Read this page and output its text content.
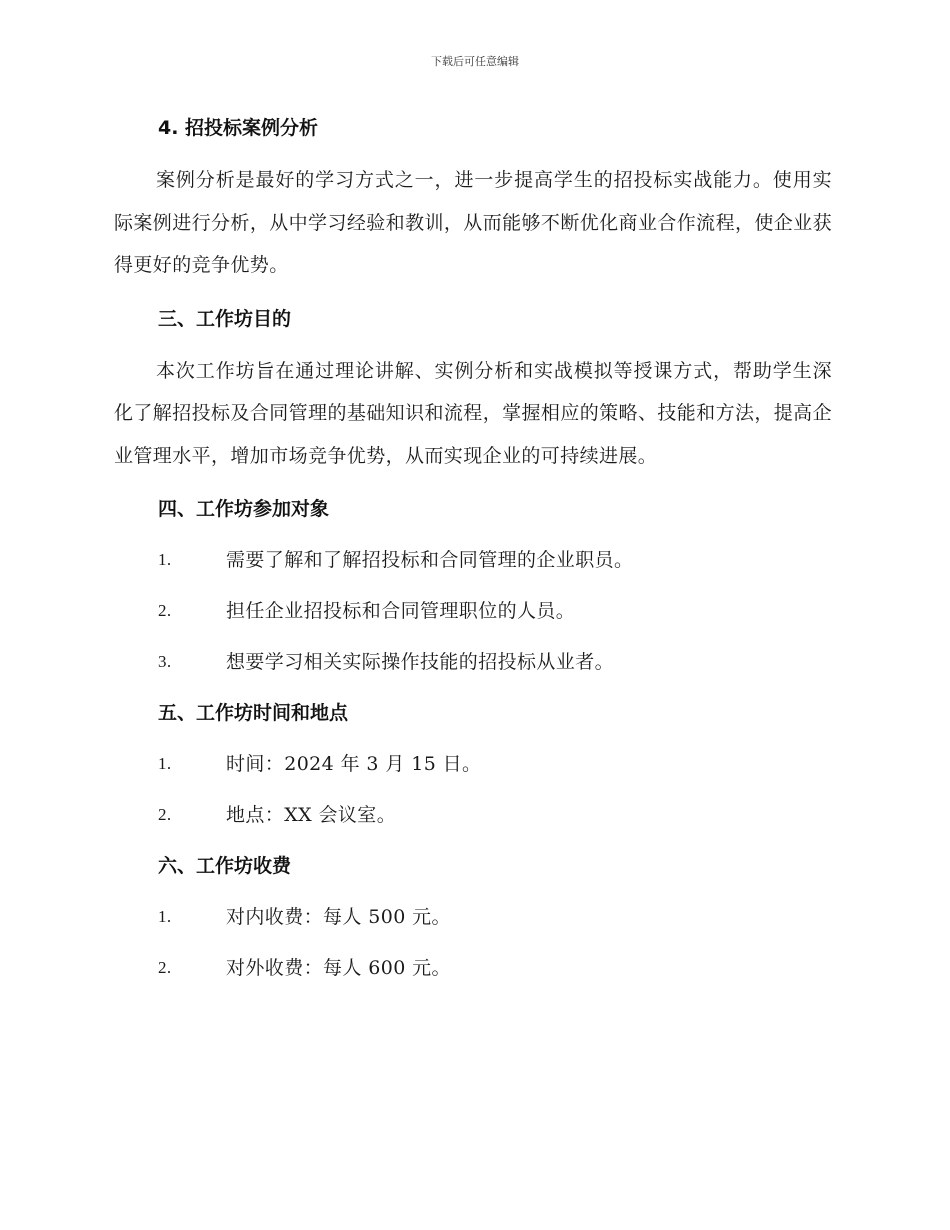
下载后可任意编辑
4. 招投标案例分析

案例分析是最好的学习方式之一，进一步提高学生的招投标实战能力。使用实际案例进行分析，从中学习经验和教训，从而能够不断优化商业合作流程，使企业获得更好的竞争优势。

三、工作坊目的

本次工作坊旨在通过理论讲解、实例分析和实战模拟等授课方式，帮助学生深化了解招投标及合同管理的基础知识和流程，掌握相应的策略、技能和方法，提高企业管理水平，增加市场竞争优势，从而实现企业的可持续进展。

四、工作坊参加对象
1.	需要了解和了解招投标和合同管理的企业职员。
2.	担任企业招投标和合同管理职位的人员。
3.	想要学习相关实际操作技能的招投标从业者。
五、工作坊时间和地点
1.	时间：2024 年 3 月 15 日。
2.	地点：XX 会议室。
六、工作坊收费
1.	对内收费：每人 500 元。
2.	对外收费：每人 600 元。
